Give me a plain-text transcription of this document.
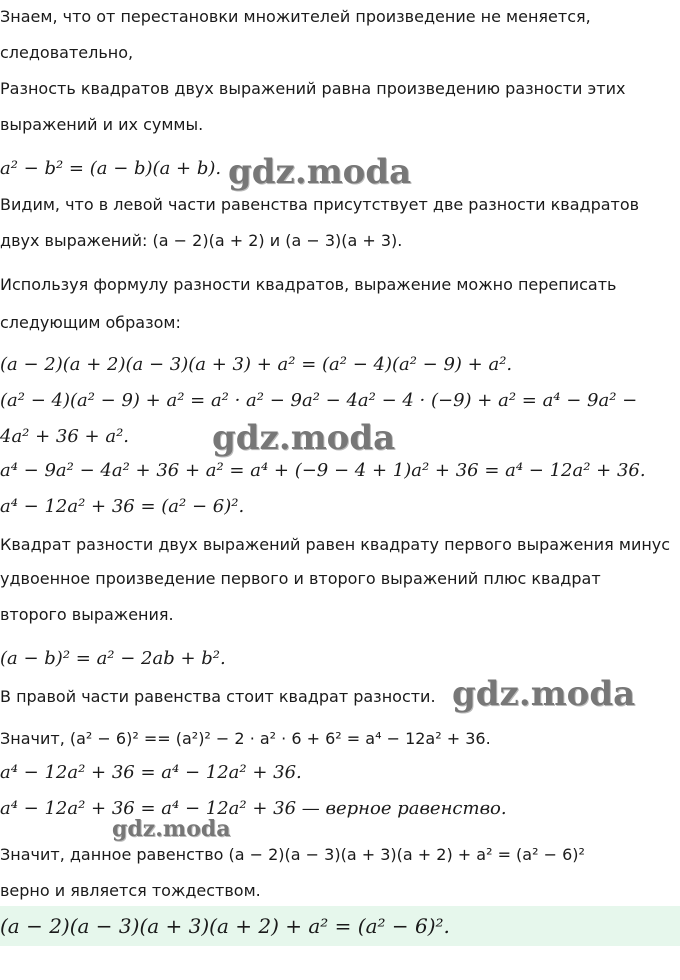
Знаем, что от перестановки множителей произведение не меняется,
следовательно,
Разность квадратов двух выражений равна произведению разности этих
выражений и их суммы.
a² − b² = (a − b)(a + b).
Видим, что в левой части равенства присутствует две разности квадратов
двух выражений: (a − 2)(a + 2) и (a − 3)(a + 3).
Используя формулу разности квадратов, выражение можно переписать
следующим образом:
(a − 2)(a + 2)(a − 3)(a + 3) + a² = (a² − 4)(a² − 9) + a².
(a² − 4)(a² − 9) + a² = a² · a² − 9a² − 4a² − 4 · (−9) + a² = a⁴ − 9a² −
4a² + 36 + a².
a⁴ − 9a² − 4a² + 36 + a² = a⁴ + (−9 − 4 + 1)a² + 36 = a⁴ − 12a² + 36.
a⁴ − 12a² + 36 = (a² − 6)².
Квадрат разности двух выражений равен квадрату первого выражения минус
удвоенное произведение первого и второго выражений плюс квадрат
второго выражения.
(a − b)² = a² − 2ab + b².
В правой части равенства стоит квадрат разности.
Значит, (a² − 6)² == (a²)² − 2 · a² · 6 + 6² = a⁴ − 12a² + 36.
a⁴ − 12a² + 36 = a⁴ − 12a² + 36.
a⁴ − 12a² + 36 = a⁴ − 12a² + 36 — верное равенство.
Значит, данное равенство (a − 2)(a − 3)(a + 3)(a + 2) + a² = (a² − 6)²
верно и является тождеством.
(a − 2)(a − 3)(a + 3)(a + 2) + a² = (a² − 6)².
gdz.moda
gdz.moda
gdz.moda
gdz.moda
